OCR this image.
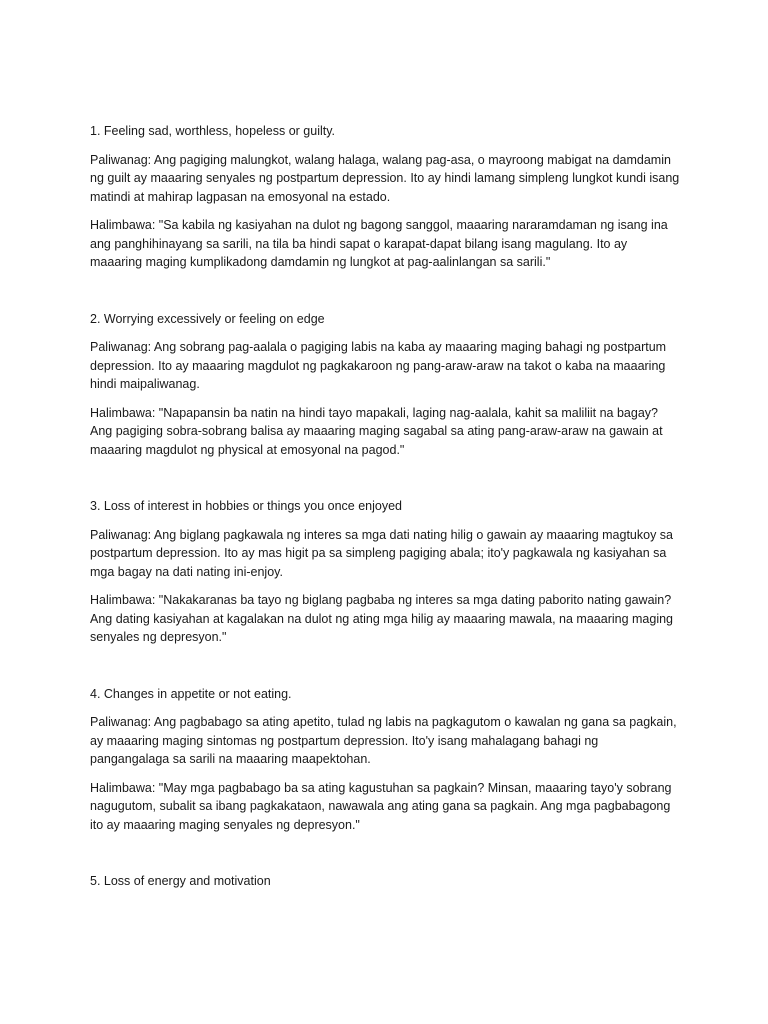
1. Feeling sad, worthless, hopeless or guilty.

Paliwanag: Ang pagiging malungkot, walang halaga, walang pag-asa, o mayroong mabigat na damdamin ng guilt ay maaaring senyales ng postpartum depression. Ito ay hindi lamang simpleng lungkot kundi isang matindi at mahirap lagpasan na emosyonal na estado.

Halimbawa: "Sa kabila ng kasiyahan na dulot ng bagong sanggol, maaaring nararamdaman ng isang ina ang panghihinayang sa sarili, na tila ba hindi sapat o karapat-dapat bilang isang magulang. Ito ay maaaring maging kumplikadong damdamin ng lungkot at pag-aalinlangan sa sarili."

2. Worrying excessively or feeling on edge

Paliwanag: Ang sobrang pag-aalala o pagiging labis na kaba ay maaaring maging bahagi ng postpartum depression. Ito ay maaaring magdulot ng pagkakaroon ng pang-araw-araw na takot o kaba na maaaring hindi maipaliwanag.

Halimbawa: "Napapansin ba natin na hindi tayo mapakali, laging nag-aalala, kahit sa maliliit na bagay? Ang pagiging sobra-sobrang balisa ay maaaring maging sagabal sa ating pang-araw-araw na gawain at maaaring magdulot ng physical at emosyonal na pagod."

3. Loss of interest in hobbies or things you once enjoyed

Paliwanag: Ang biglang pagkawala ng interes sa mga dati nating hilig o gawain ay maaaring magtukoy sa postpartum depression. Ito ay mas higit pa sa simpleng pagiging abala; ito'y pagkawala ng kasiyahan sa mga bagay na dati nating ini-enjoy.

Halimbawa: "Nakakaranas ba tayo ng biglang pagbaba ng interes sa mga dating paborito nating gawain? Ang dating kasiyahan at kagalakan na dulot ng ating mga hilig ay maaaring mawala, na maaaring maging senyales ng depresyon."

4. Changes in appetite or not eating.

Paliwanag: Ang pagbabago sa ating apetito, tulad ng labis na pagkagutom o kawalan ng gana sa pagkain, ay maaaring maging sintomas ng postpartum depression. Ito'y isang mahalagang bahagi ng pangangalaga sa sarili na maaaring maapektohan.

Halimbawa: "May mga pagbabago ba sa ating kagustuhan sa pagkain? Minsan, maaaring tayo'y sobrang nagugutom, subalit sa ibang pagkakataon, nawawala ang ating gana sa pagkain. Ang mga pagbabagong ito ay maaaring maging senyales ng depresyon."

5. Loss of energy and motivation
